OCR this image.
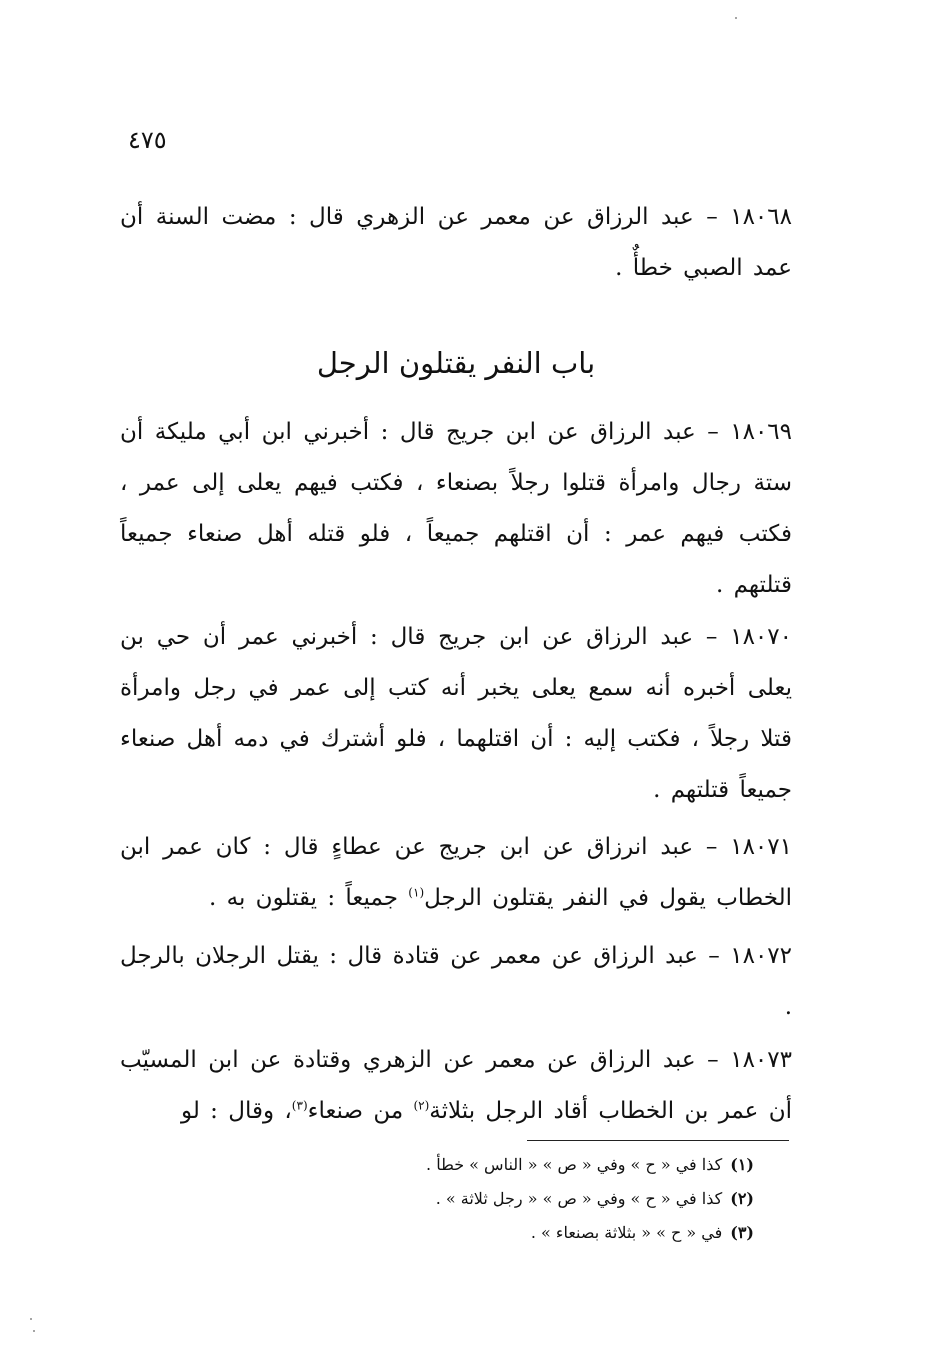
٤٧٥
١٨٠٦٨ – عبد الرزاق عن معمر عن الزهري قال : مضت السنة أن عمد الصبي خطأٌ .
باب النفر يقتلون الرجل
١٨٠٦٩ – عبد الرزاق عن ابن جريج قال : أخبرني ابن أبي مليكة أن ستة رجال وامرأة قتلوا رجلاً بصنعاء ، فكتب فيهم يعلى إلى عمر ، فكتب فيهم عمر : أن اقتلهم جميعاً ، فلو قتله أهل صنعاء جميعاً قتلتهم .
١٨٠٧٠ – عبد الرزاق عن ابن جريج قال : أخبرني عمر أن حي بن يعلى أخبره أنه سمع يعلى يخبر أنه كتب إلى عمر في رجل وامرأة قتلا رجلاً ، فكتب إليه : أن اقتلهما ، فلو أشترك في دمه أهل صنعاء جميعاً قتلتهم .
١٨٠٧١ – عبد انرزاق عن ابن جريج عن عطاءٍ قال : كان عمر ابن الخطاب يقول في النفر يقتلون الرجل$^{(١)}$ جميعاً : يقتلون به .
١٨٠٧٢ – عبد الرزاق عن معمر عن قتادة قال : يقتل الرجلان بالرجل .
١٨٠٧٣ – عبد الرزاق عن معمر عن الزهري وقتادة عن ابن المسيّب أن عمر بن الخطاب أقاد الرجل بثلاثة$^{(٢)}$ من صنعاء$^{(٣)}$، وقال : لو
(١)كذا في « ح » وفي « ص » « الناس » خطأ .
(٢)كذا في « ح » وفي « ص » « رجل ثلاثة » .
(٣)في « ح » « بثلاثة بصنعاء » .
